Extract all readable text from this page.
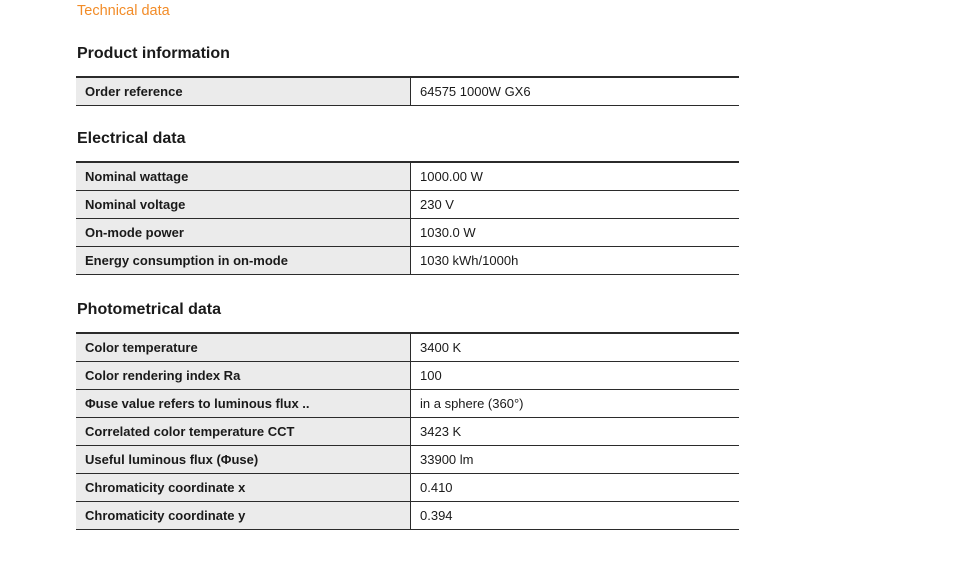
Technical data
Product information
Order reference	64575 1000W GX6
Electrical data
Nominal wattage	1000.00 W
Nominal voltage	230 V
On-mode power	1030.0 W
Energy consumption in on-mode	1030 kWh/1000h
Photometrical data
Color temperature	3400 K
Color rendering index Ra	100
Φuse value refers to luminous flux ..	in a sphere (360°)
Correlated color temperature CCT	3423 K
Useful luminous flux (Φuse)	33900 lm
Chromaticity coordinate x	0.410
Chromaticity coordinate y	0.394
